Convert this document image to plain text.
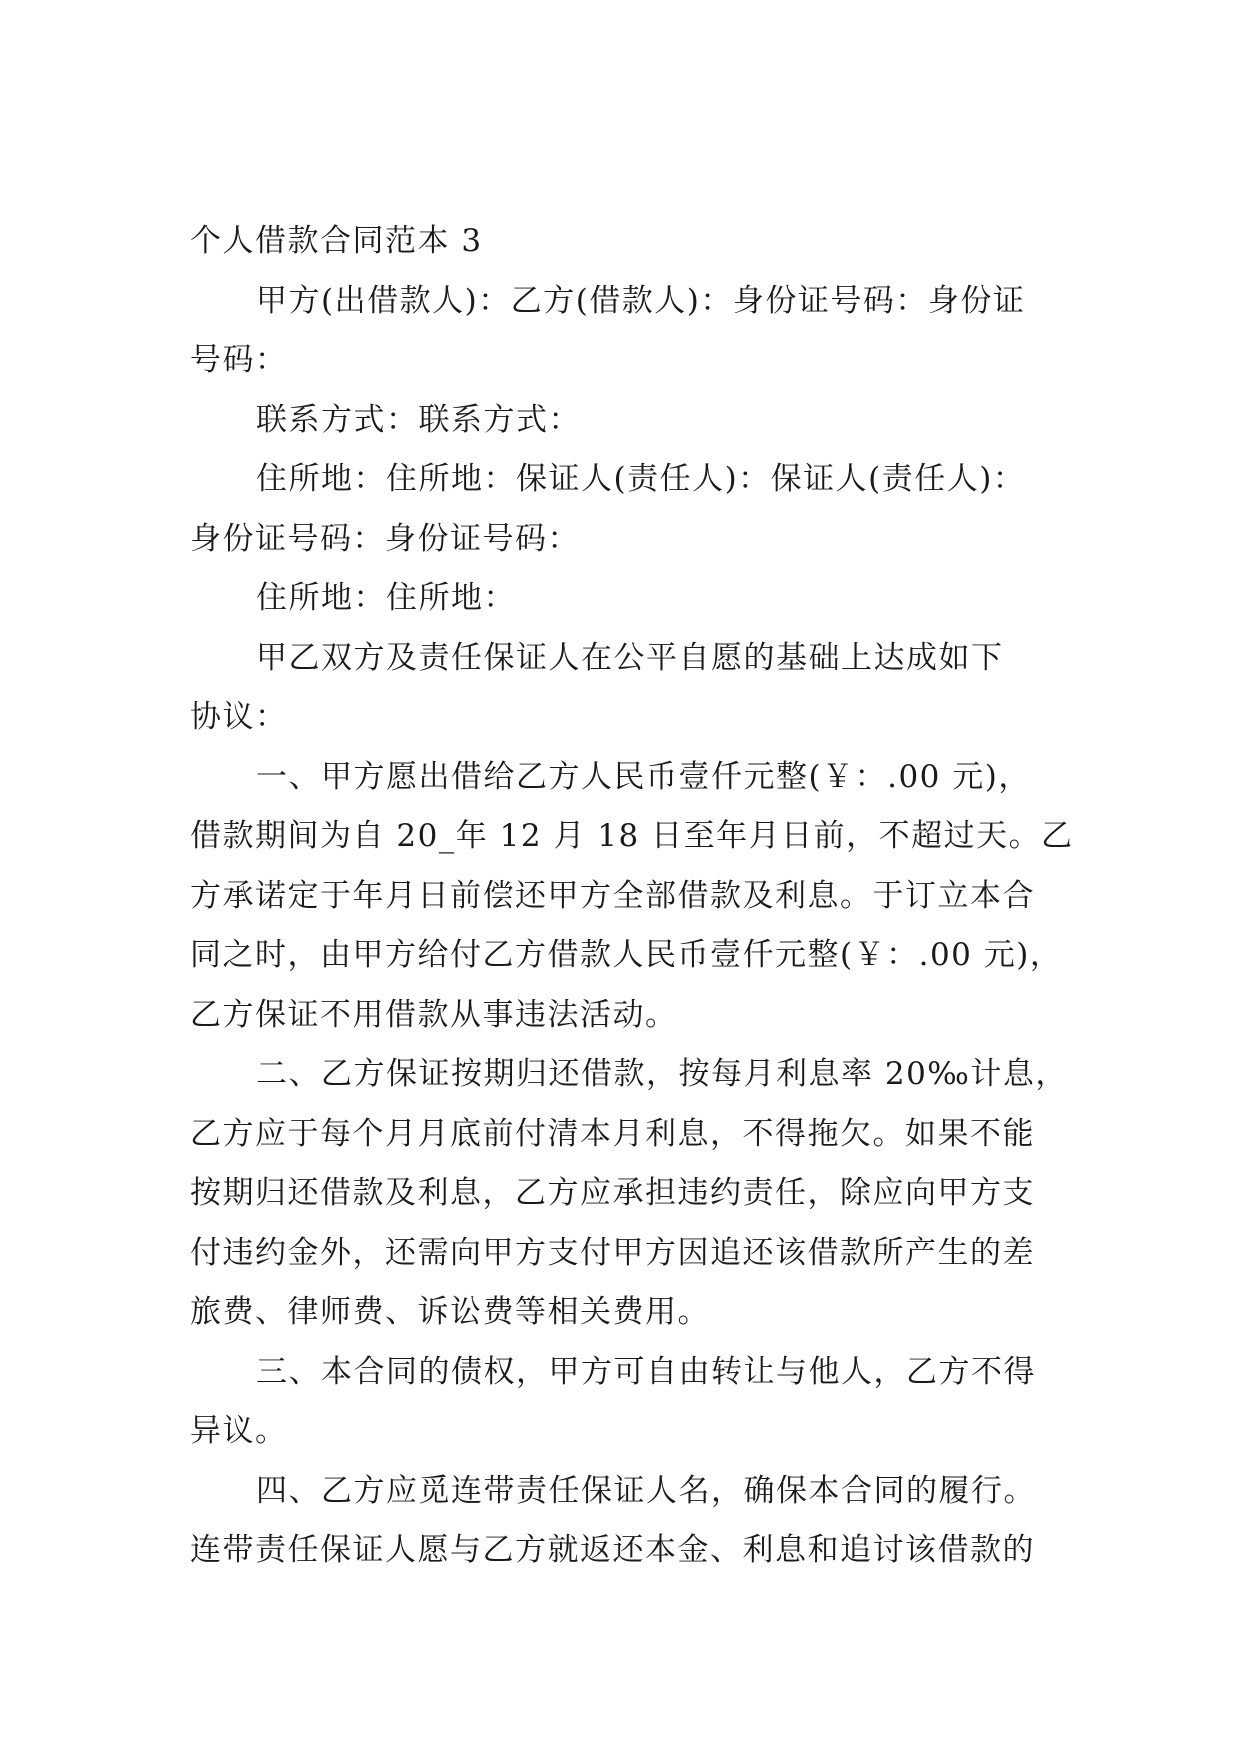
个人借款合同范本 3
甲方(出借款人)：乙方(借款人)：身份证号码：身份证
号码：
联系方式：联系方式：
住所地：住所地：保证人(责任人)：保证人(责任人)：
身份证号码：身份证号码：
住所地：住所地：
甲乙双方及责任保证人在公平自愿的基础上达成如下
协议：
一、甲方愿出借给乙方人民币壹仟元整(￥：.00 元)，
借款期间为自 20_年 12 月 18 日至年月日前，不超过天。乙
方承诺定于年月日前偿还甲方全部借款及利息。于订立本合
同之时，由甲方给付乙方借款人民币壹仟元整(￥：.00 元)，
乙方保证不用借款从事违法活动。
二、乙方保证按期归还借款，按每月利息率 20‰计息，
乙方应于每个月月底前付清本月利息，不得拖欠。如果不能
按期归还借款及利息，乙方应承担违约责任，除应向甲方支
付违约金外，还需向甲方支付甲方因追还该借款所产生的差
旅费、律师费、诉讼费等相关费用。
三、本合同的债权，甲方可自由转让与他人，乙方不得
异议。
四、乙方应觅连带责任保证人名，确保本合同的履行。
连带责任保证人愿与乙方就返还本金、利息和追讨该借款的
